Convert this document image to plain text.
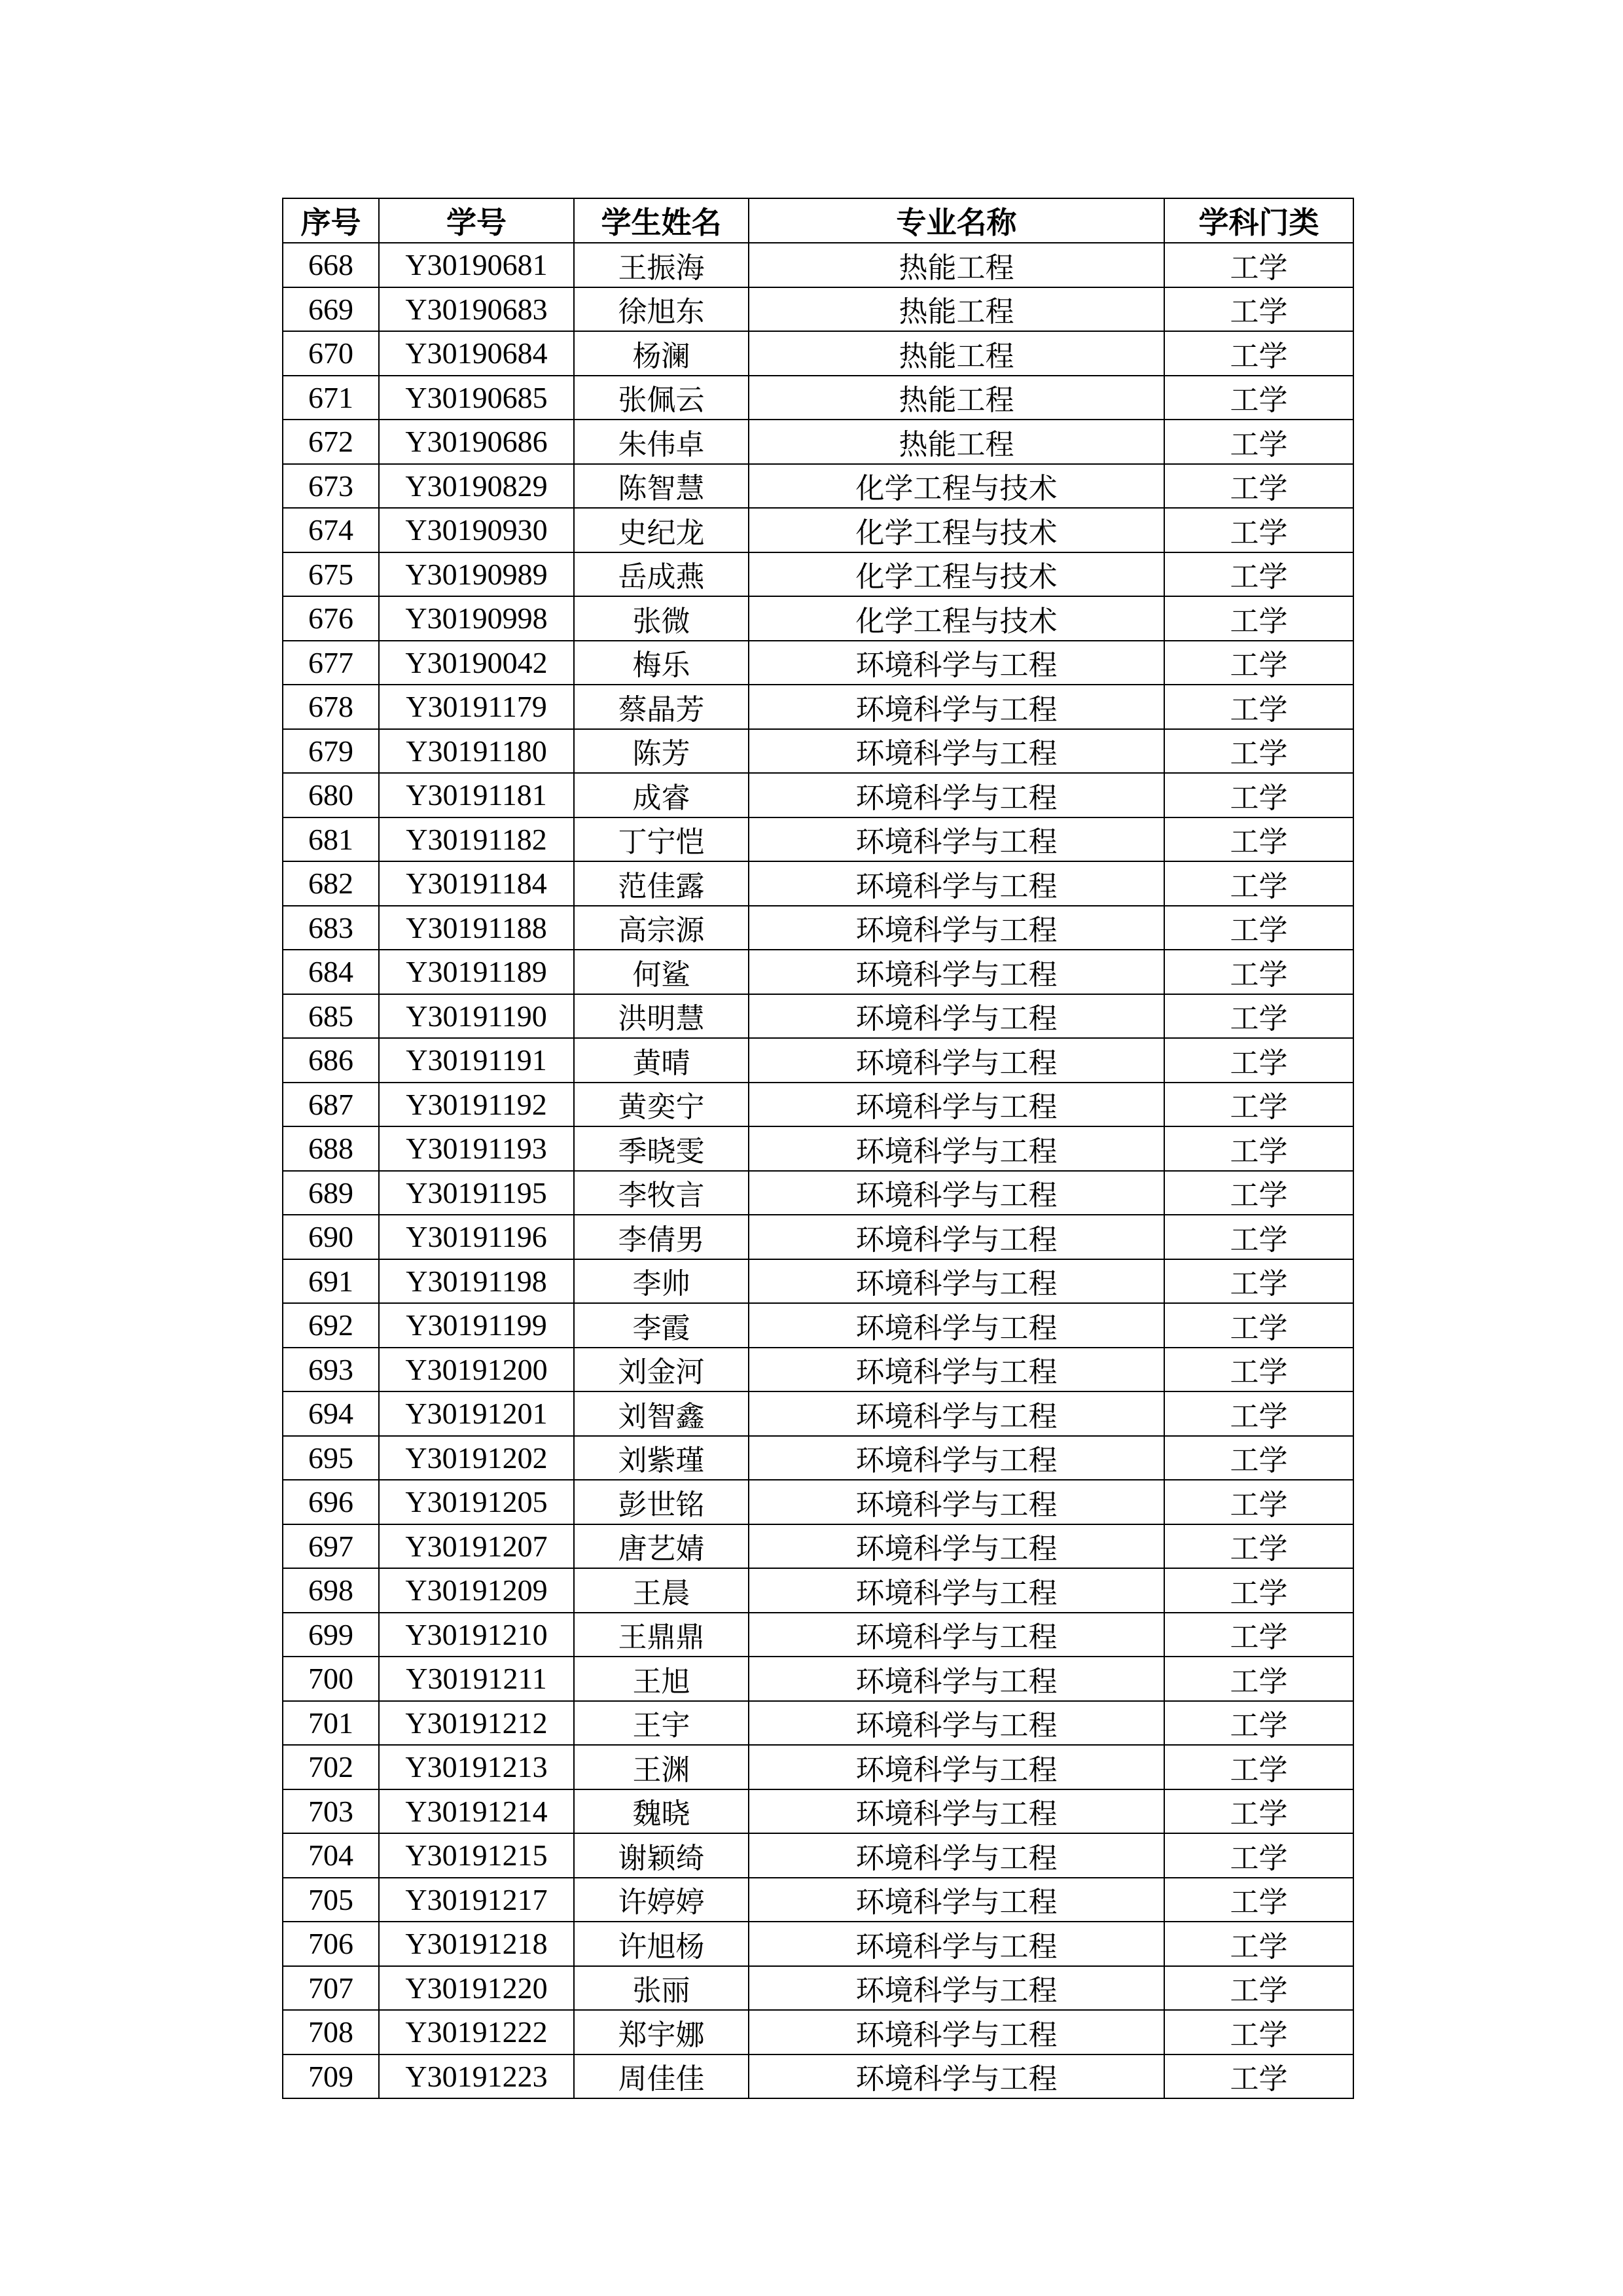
序号	学号	学生姓名	专业名称	学科门类
668	Y30190681	王振海	热能工程	工学
669	Y30190683	徐旭东	热能工程	工学
670	Y30190684	杨澜	热能工程	工学
671	Y30190685	张佩云	热能工程	工学
672	Y30190686	朱伟卓	热能工程	工学
673	Y30190829	陈智慧	化学工程与技术	工学
674	Y30190930	史纪龙	化学工程与技术	工学
675	Y30190989	岳成燕	化学工程与技术	工学
676	Y30190998	张微	化学工程与技术	工学
677	Y30190042	梅乐	环境科学与工程	工学
678	Y30191179	蔡晶芳	环境科学与工程	工学
679	Y30191180	陈芳	环境科学与工程	工学
680	Y30191181	成睿	环境科学与工程	工学
681	Y30191182	丁宁恺	环境科学与工程	工学
682	Y30191184	范佳露	环境科学与工程	工学
683	Y30191188	高宗源	环境科学与工程	工学
684	Y30191189	何鲨	环境科学与工程	工学
685	Y30191190	洪明慧	环境科学与工程	工学
686	Y30191191	黄晴	环境科学与工程	工学
687	Y30191192	黄奕宁	环境科学与工程	工学
688	Y30191193	季晓雯	环境科学与工程	工学
689	Y30191195	李牧言	环境科学与工程	工学
690	Y30191196	李倩男	环境科学与工程	工学
691	Y30191198	李帅	环境科学与工程	工学
692	Y30191199	李霞	环境科学与工程	工学
693	Y30191200	刘金河	环境科学与工程	工学
694	Y30191201	刘智鑫	环境科学与工程	工学
695	Y30191202	刘紫瑾	环境科学与工程	工学
696	Y30191205	彭世铭	环境科学与工程	工学
697	Y30191207	唐艺婧	环境科学与工程	工学
698	Y30191209	王晨	环境科学与工程	工学
699	Y30191210	王鼎鼎	环境科学与工程	工学
700	Y30191211	王旭	环境科学与工程	工学
701	Y30191212	王宇	环境科学与工程	工学
702	Y30191213	王渊	环境科学与工程	工学
703	Y30191214	魏晓	环境科学与工程	工学
704	Y30191215	谢颖绮	环境科学与工程	工学
705	Y30191217	许婷婷	环境科学与工程	工学
706	Y30191218	许旭杨	环境科学与工程	工学
707	Y30191220	张丽	环境科学与工程	工学
708	Y30191222	郑宇娜	环境科学与工程	工学
709	Y30191223	周佳佳	环境科学与工程	工学
